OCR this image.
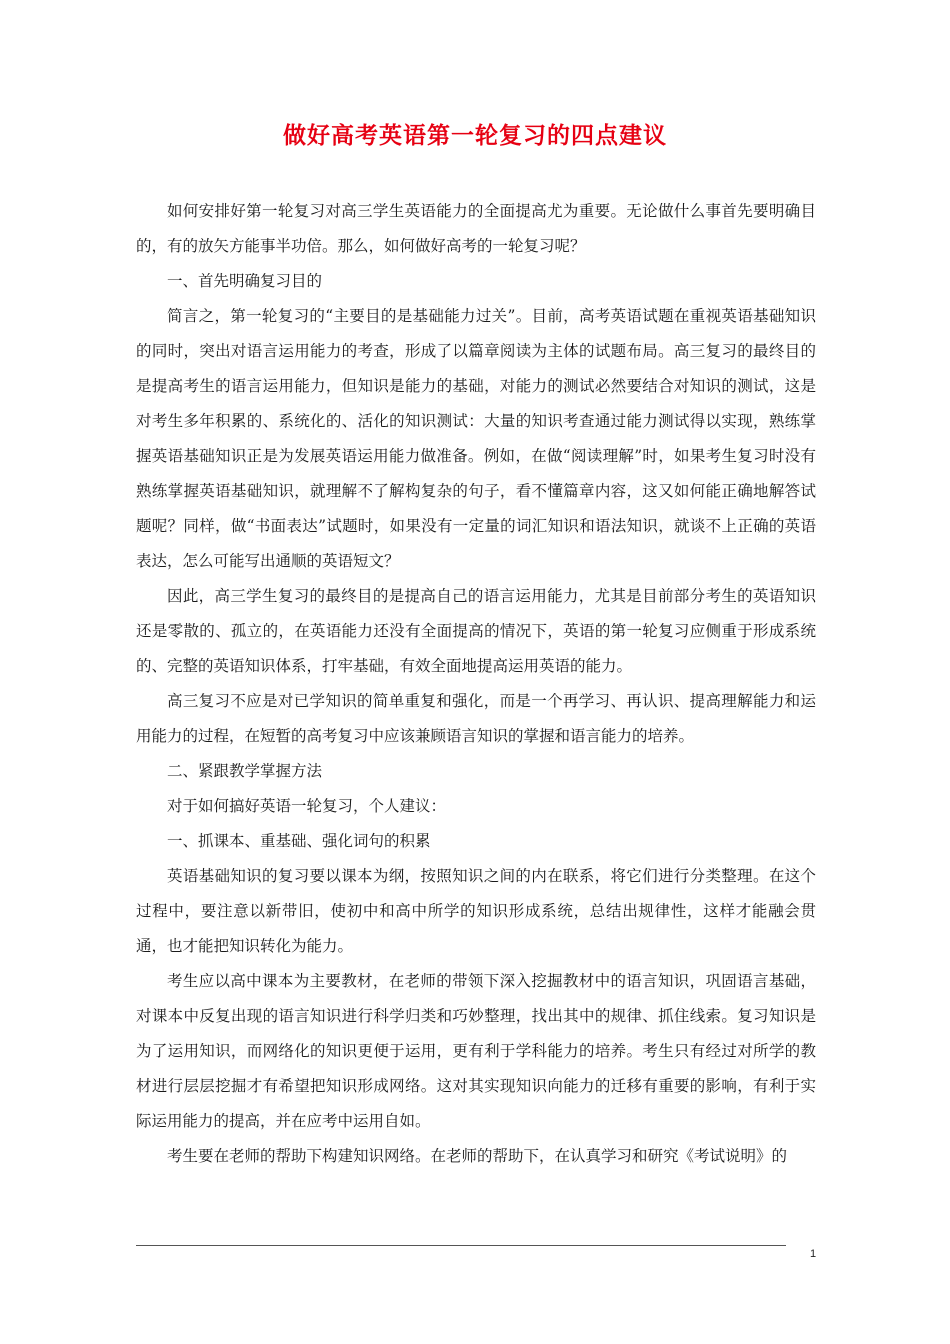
做好高考英语第一轮复习的四点建议

如何安排好第一轮复习对高三学生英语能力的全面提高尤为重要。无论做什么事首先要明确目的，有的放矢方能事半功倍。那么，如何做好高考的一轮复习呢？

一、首先明确复习目的

简言之，第一轮复习的“主要目的是基础能力过关”。目前，高考英语试题在重视英语基础知识的同时，突出对语言运用能力的考查，形成了以篇章阅读为主体的试题布局。高三复习的最终目的是提高考生的语言运用能力，但知识是能力的基础，对能力的测试必然要结合对知识的测试，这是对考生多年积累的、系统化的、活化的知识测试：大量的知识考查通过能力测试得以实现，熟练掌握英语基础知识正是为发展英语运用能力做准备。例如，在做“阅读理解”时，如果考生复习时没有熟练掌握英语基础知识，就理解不了解构复杂的句子，看不懂篇章内容，这又如何能正确地解答试题呢？同样，做“书面表达”试题时，如果没有一定量的词汇知识和语法知识，就谈不上正确的英语表达，怎么可能写出通顺的英语短文？

因此，高三学生复习的最终目的是提高自己的语言运用能力，尤其是目前部分考生的英语知识还是零散的、孤立的，在英语能力还没有全面提高的情况下，英语的第一轮复习应侧重于形成系统的、完整的英语知识体系，打牢基础，有效全面地提高运用英语的能力。

高三复习不应是对已学知识的简单重复和强化，而是一个再学习、再认识、提高理解能力和运用能力的过程，在短暂的高考复习中应该兼顾语言知识的掌握和语言能力的培养。

二、紧跟教学掌握方法

对于如何搞好英语一轮复习，个人建议：

一、抓课本、重基础、强化词句的积累

英语基础知识的复习要以课本为纲，按照知识之间的内在联系，将它们进行分类整理。在这个过程中，要注意以新带旧，使初中和高中所学的知识形成系统，总结出规律性，这样才能融会贯通，也才能把知识转化为能力。

考生应以高中课本为主要教材，在老师的带领下深入挖掘教材中的语言知识，巩固语言基础，对课本中反复出现的语言知识进行科学归类和巧妙整理，找出其中的规律、抓住线索。复习知识是为了运用知识，而网络化的知识更便于运用，更有利于学科能力的培养。考生只有经过对所学的教材进行层层挖掘才有希望把知识形成网络。这对其实现知识向能力的迁移有重要的影响，有利于实际运用能力的提高，并在应考中运用自如。

考生要在老师的帮助下构建知识网络。在老师的帮助下，在认真学习和研究《考试说明》的

1
